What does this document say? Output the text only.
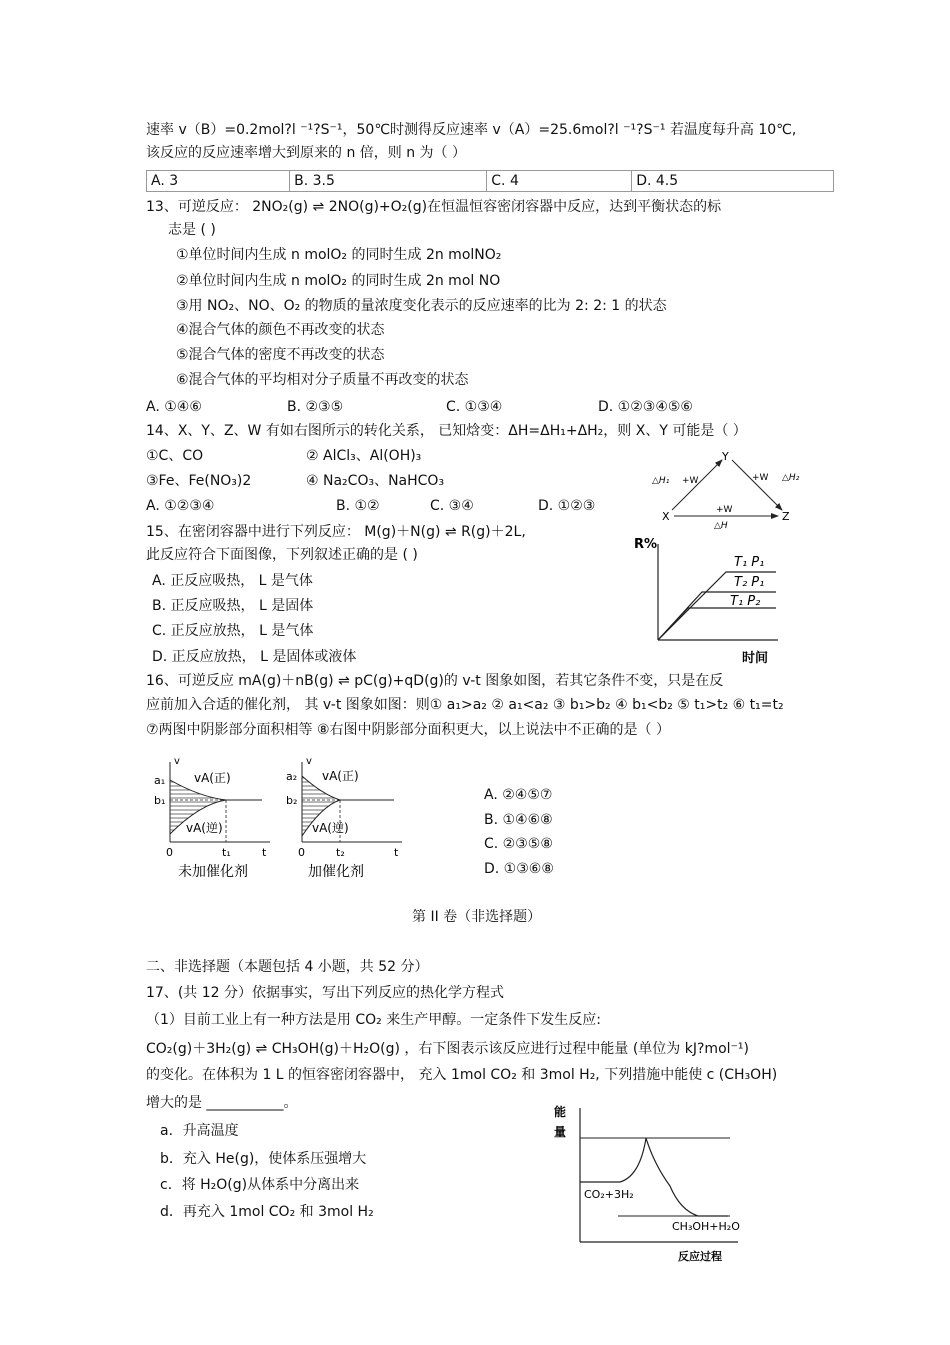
速率 v（B）=0.2mol?l ⁻¹?S⁻¹，50℃时测得反应速率 v（A）=25.6mol?l ⁻¹?S⁻¹ 若温度每升高 10℃,
该反应的反应速率增大到原来的 n 倍，则 n 为（ ）
A. 3	B. 3.5	C. 4	D. 4.5
13、可逆反应： 2NO₂(g) ⇌ 2NO(g)+O₂(g)在恒温恒容密闭容器中反应，达到平衡状态的标
志是 ( )
①单位时间内生成 n molO₂ 的同时生成 2n molNO₂
②单位时间内生成 n molO₂ 的同时生成 2n mol NO
③用 NO₂、NO、O₂ 的物质的量浓度变化表示的反应速率的比为 2: 2: 1 的状态
④混合气体的颜色不再改变的状态
⑤混合气体的密度不再改变的状态
⑥混合气体的平均相对分子质量不再改变的状态
A. ①④⑥	B. ②③⑤	C. ①③④	D. ①②③④⑤⑥
14、X、Y、Z、W 有如右图所示的转化关系， 已知焓变：ΔH=ΔH₁+ΔH₂，则 X、Y 可能是（ ）
①C、CO	② AlCl₃、Al(OH)₃
③Fe、Fe(NO₃)2	④ Na₂CO₃、NaHCO₃
A. ①②③④	B. ①②	C. ③④	D. ①②③
Y
X	Z
△H₁ +W	+W △H₂
+W
△H
15、在密闭容器中进行下列反应： M(g)＋N(g) ⇌ R(g)＋2L,
此反应符合下面图像，下列叙述正确的是 ( )
A. 正反应吸热， L 是气体
B. 正反应吸热， L 是固体
C. 正反应放热， L 是气体
D. 正反应放热， L 是固体或液体
R%
时间
T₁ P₁
T₂ P₁
T₁ P₂
16、可逆反应 mA(g)＋nB(g) ⇌ pC(g)+qD(g)的 v-t 图象如图，若其它条件不变，只是在反
应前加入合适的催化剂， 其 v-t 图象如图：则① a₁>a₂ ② a₁<a₂ ③ b₁>b₂ ④ b₁<b₂ ⑤ t₁>t₂ ⑥ t₁=t₂
⑦两图中阴影部分面积相等 ⑧右图中阴影部分面积更大，以上说法中不正确的是（ ）
v
a₁
b₁
vA(正)
vA(逆)
0	t₁	t
未加催化剂
v
a₂
b₂
vA(正)
vA(逆)
0	t₂	t
加催化剂
A. ②④⑤⑦
B. ①④⑥⑧
C. ②③⑤⑧
D. ①③⑥⑧
第 II 卷（非选择题）
二、非选择题（本题包括 4 小题，共 52 分）
17、(共 12 分）依据事实，写出下列反应的热化学方程式
（1）目前工业上有一种方法是用 CO₂ 来生产甲醇。一定条件下发生反应:
CO₂(g)＋3H₂(g) ⇌ CH₃OH(g)＋H₂O(g) ，右下图表示该反应进行过程中能量 (单位为 kJ?mol⁻¹)
的变化。在体积为 1 L 的恒容密闭容器中， 充入 1mol CO₂ 和 3mol H₂, 下列措施中能使 c (CH₃OH)
增大的是 ___________。
a．升高温度
b．充入 He(g)，使体系压强增大
c．将 H₂O(g)从体系中分离出来
d．再充入 1mol CO₂ 和 3mol H₂
能
量
CO₂+3H₂
CH₃OH+H₂O
反应过程
